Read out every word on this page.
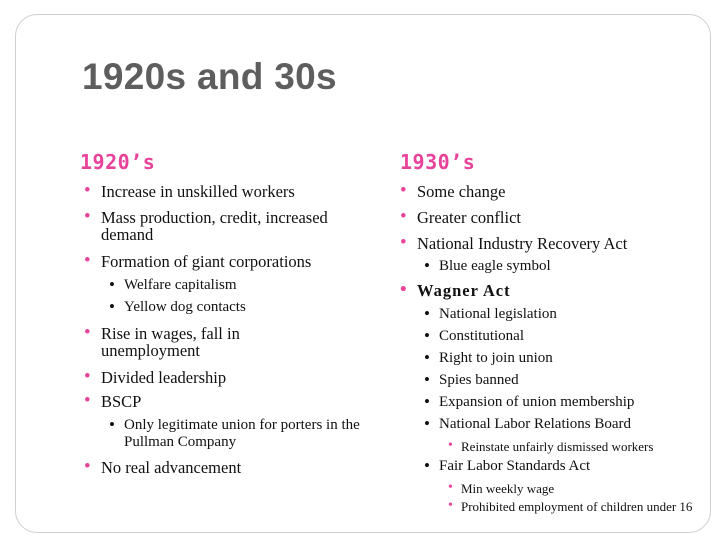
1920s and 30s
1920’s	1930’s
• Increase in unskilled workers
• Mass production, credit, increased demand
• Formation of giant corporations
• Welfare capitalism
• Yellow dog contacts
• Rise in wages, fall in unemployment
• Divided leadership
• BSCP
• Only legitimate union for porters in the Pullman Company
• No real advancement
• Some change
• Greater conflict
• National Industry Recovery Act
• Blue eagle symbol
• Wagner Act
• National legislation
• Constitutional
• Right to join union
• Spies banned
• Expansion of union membership
• National Labor Relations Board
• Reinstate unfairly dismissed workers
• Fair Labor Standards Act
• Min weekly wage
• Prohibited employment of children under 16
